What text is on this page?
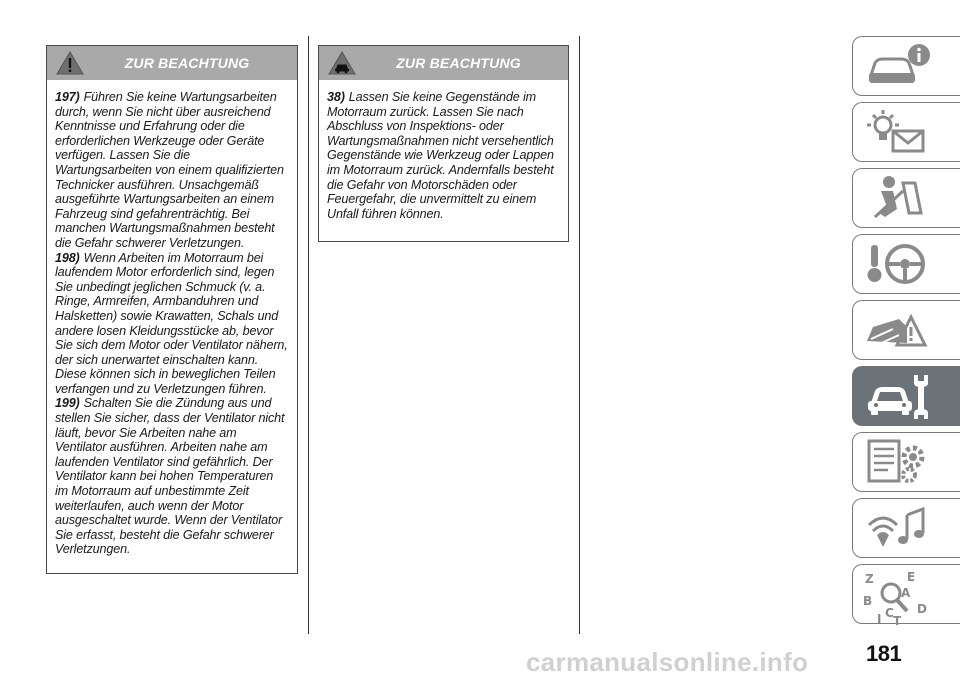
ZUR BEACHTUNG
197) Führen Sie keine Wartungsarbeiten durch, wenn Sie nicht über ausreichend Kenntnisse und Erfahrung oder die erforderlichen Werkzeuge oder Geräte verfügen. Lassen Sie die Wartungsarbeiten von einem qualifizierten Technicker ausführen. Unsachgemäß ausgeführte Wartungsarbeiten an einem Fahrzeug sind gefahrenträchtig. Bei manchen Wartungsmaßnahmen besteht die Gefahr schwerer Verletzungen.
198) Wenn Arbeiten im Motorraum bei laufendem Motor erforderlich sind, legen Sie unbedingt jeglichen Schmuck (v. a. Ringe, Armreifen, Armbanduhren und Halsketten) sowie Krawatten, Schals und andere losen Kleidungsstücke ab, bevor Sie sich dem Motor oder Ventilator nähern, der sich unerwartet einschalten kann. Diese können sich in beweglichen Teilen verfangen und zu Verletzungen führen.
199) Schalten Sie die Zündung aus und stellen Sie sicher, dass der Ventilator nicht läuft, bevor Sie Arbeiten nahe am Ventilator ausführen. Arbeiten nahe am laufenden Ventilator sind gefährlich. Der Ventilator kann bei hohen Temperaturen im Motorraum auf unbestimmte Zeit weiterlaufen, auch wenn der Motor ausgeschaltet wurde. Wenn der Ventilator Sie erfasst, besteht die Gefahr schwerer Verletzungen.
ZUR BEACHTUNG
38) Lassen Sie keine Gegenstände im Motorraum zurück. Lassen Sie nach Abschluss von Inspektions- oder Wartungsmaßnahmen nicht versehentlich Gegenstände wie Werkzeug oder Lappen im Motorraum zurück. Andernfalls besteht die Gefahr von Motorschäden oder Feuergefahr, die unvermittelt zu einem Unfall führen können.
Z	E
A
B
D
C
I T
181
carmanualsonline.info
